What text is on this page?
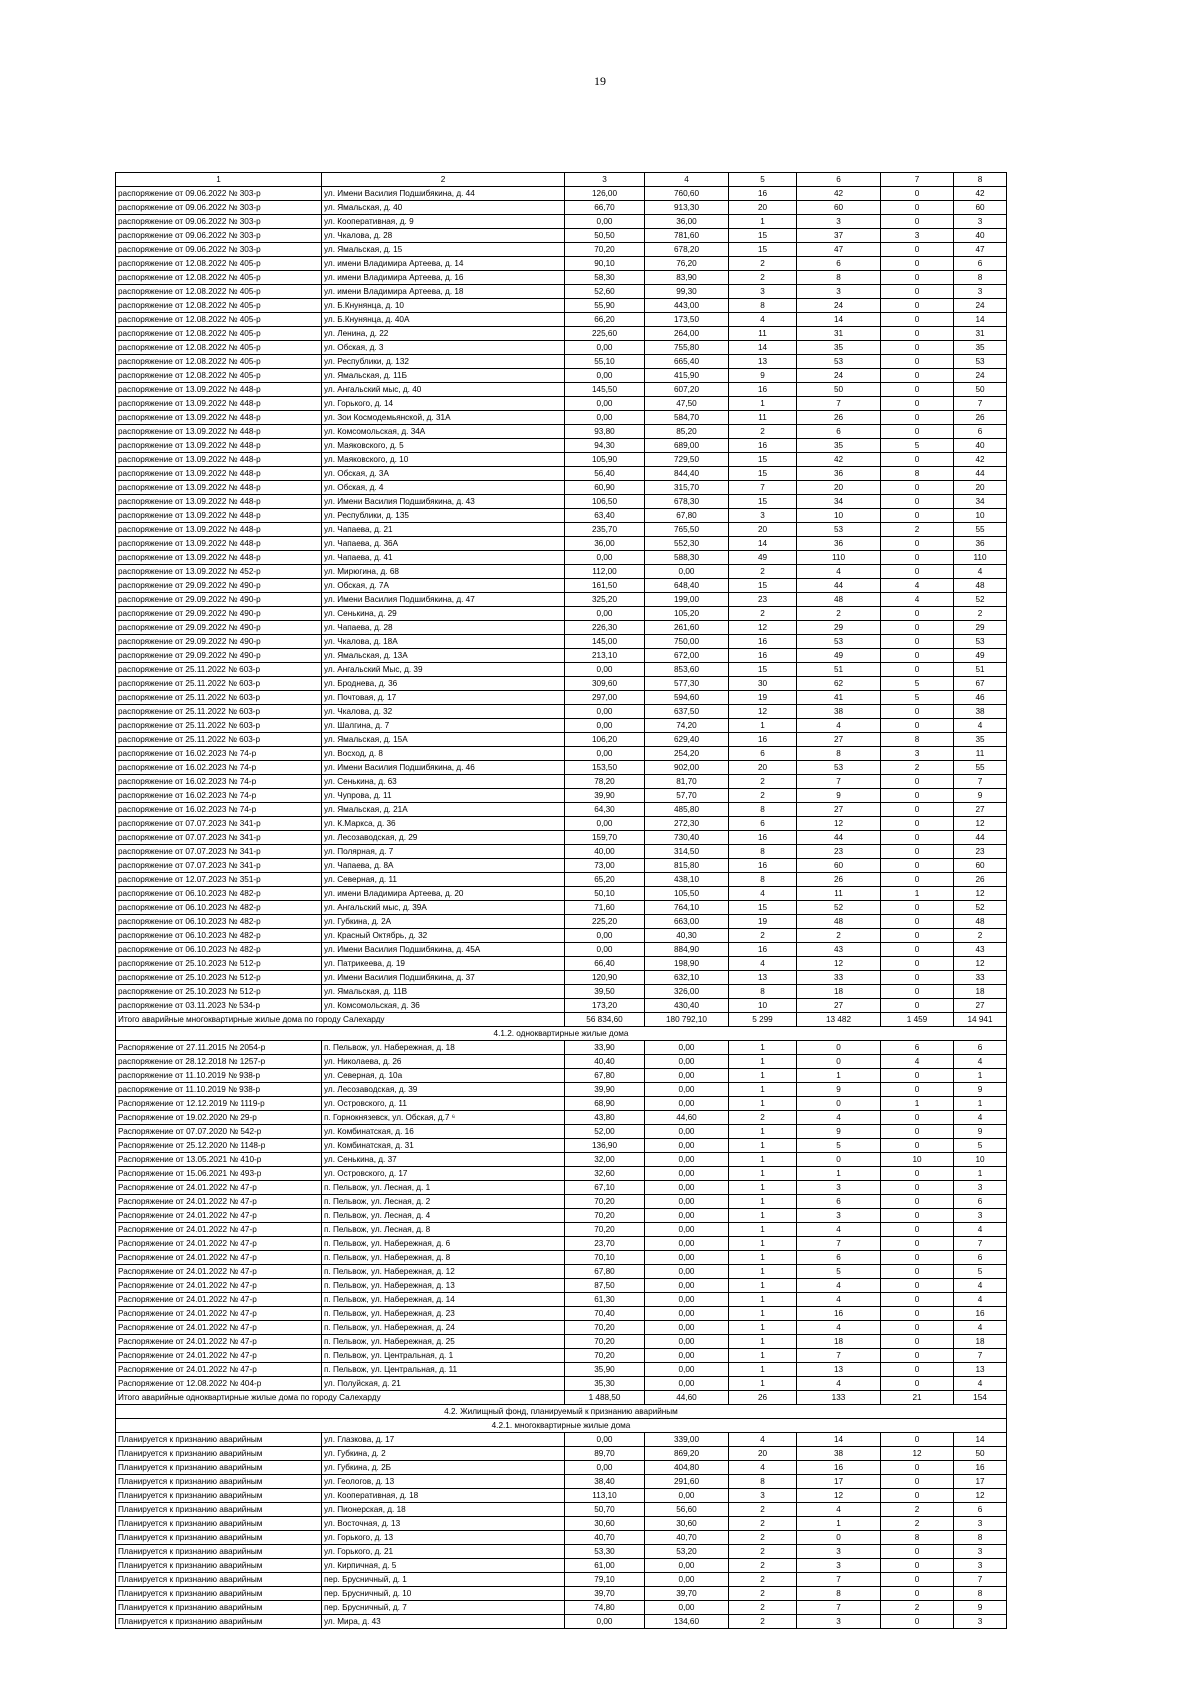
19
1	2	3	4	5	6	7	8
распоряжение от 09.06.2022 № 303-р	ул. Имени Василия Подшибякина, д. 44	126,00	760,60	16	42	0	42
распоряжение от 09.06.2022 № 303-р	ул. Ямальская, д. 40	66,70	913,30	20	60	0	60
распоряжение от 09.06.2022 № 303-р	ул. Кооперативная, д. 9	0,00	36,00	1	3	0	3
распоряжение от 09.06.2022 № 303-р	ул. Чкалова, д. 28	50,50	781,60	15	37	3	40
распоряжение от 09.06.2022 № 303-р	ул. Ямальская, д. 15	70,20	678,20	15	47	0	47
распоряжение от 12.08.2022 № 405-р	ул. имени Владимира Артеева, д. 14	90,10	76,20	2	6	0	6
распоряжение от 12.08.2022 № 405-р	ул. имени Владимира Артеева, д. 16	58,30	83,90	2	8	0	8
распоряжение от 12.08.2022 № 405-р	ул. имени Владимира Артеева, д. 18	52,60	99,30	3	3	0	3
распоряжение от 12.08.2022 № 405-р	ул. Б.Кнунянца, д. 10	55,90	443,00	8	24	0	24
распоряжение от 12.08.2022 № 405-р	ул. Б.Кнунянца, д. 40А	66,20	173,50	4	14	0	14
распоряжение от 12.08.2022 № 405-р	ул. Ленина, д. 22	225,60	264,00	11	31	0	31
распоряжение от 12.08.2022 № 405-р	ул. Обская, д. 3	0,00	755,80	14	35	0	35
распоряжение от 12.08.2022 № 405-р	ул. Республики, д. 132	55,10	665,40	13	53	0	53
распоряжение от 12.08.2022 № 405-р	ул. Ямальская, д. 11Б	0,00	415,90	9	24	0	24
распоряжение от 13.09.2022 № 448-р	ул. Ангальский мыс, д. 40	145,50	607,20	16	50	0	50
распоряжение от 13.09.2022 № 448-р	ул. Горького, д. 14	0,00	47,50	1	7	0	7
распоряжение от 13.09.2022 № 448-р	ул. Зои Космодемьянской, д. 31А	0,00	584,70	11	26	0	26
распоряжение от 13.09.2022 № 448-р	ул. Комсомольская, д. 34А	93,80	85,20	2	6	0	6
распоряжение от 13.09.2022 № 448-р	ул. Маяковского, д. 5	94,30	689,00	16	35	5	40
распоряжение от 13.09.2022 № 448-р	ул. Маяковского, д. 10	105,90	729,50	15	42	0	42
распоряжение от 13.09.2022 № 448-р	ул. Обская, д. 3А	56,40	844,40	15	36	8	44
распоряжение от 13.09.2022 № 448-р	ул. Обская, д. 4	60,90	315,70	7	20	0	20
распоряжение от 13.09.2022 № 448-р	ул. Имени Василия Подшибякина, д. 43	106,50	678,30	15	34	0	34
распоряжение от 13.09.2022 № 448-р	ул. Республики, д. 135	63,40	67,80	3	10	0	10
распоряжение от 13.09.2022 № 448-р	ул. Чапаева, д. 21	235,70	765,50	20	53	2	55
распоряжение от 13.09.2022 № 448-р	ул. Чапаева, д. 36А	36,00	552,30	14	36	0	36
распоряжение от 13.09.2022 № 448-р	ул. Чапаева, д. 41	0,00	588,30	49	110	0	110
распоряжение от 13.09.2022 № 452-р	ул. Мирюгина, д. 68	112,00	0,00	2	4	0	4
распоряжение от 29.09.2022 № 490-р	ул. Обская, д. 7А	161,50	648,40	15	44	4	48
распоряжение от 29.09.2022 № 490-р	ул. Имени Василия Подшибякина, д. 47	325,20	199,00	23	48	4	52
распоряжение от 29.09.2022 № 490-р	ул. Сенькина, д. 29	0,00	105,20	2	2	0	2
распоряжение от 29.09.2022 № 490-р	ул. Чапаева, д. 28	226,30	261,60	12	29	0	29
распоряжение от 29.09.2022 № 490-р	ул. Чкалова, д. 18А	145,00	750,00	16	53	0	53
распоряжение от 29.09.2022 № 490-р	ул. Ямальская, д. 13А	213,10	672,00	16	49	0	49
распоряжение от 25.11.2022 № 603-р	ул. Ангальский Мыс, д. 39	0,00	853,60	15	51	0	51
распоряжение от 25.11.2022 № 603-р	ул. Броднева, д. 36	309,60	577,30	30	62	5	67
распоряжение от 25.11.2022 № 603-р	ул. Почтовая, д. 17	297,00	594,60	19	41	5	46
распоряжение от 25.11.2022 № 603-р	ул. Чкалова, д. 32	0,00	637,50	12	38	0	38
распоряжение от 25.11.2022 № 603-р	ул. Шалгина, д. 7	0,00	74,20	1	4	0	4
распоряжение от 25.11.2022 № 603-р	ул. Ямальская, д. 15А	106,20	629,40	16	27	8	35
распоряжение от 16.02.2023 № 74-р	ул. Восход, д. 8	0,00	254,20	6	8	3	11
распоряжение от 16.02.2023 № 74-р	ул. Имени Василия Подшибякина, д. 46	153,50	902,00	20	53	2	55
распоряжение от 16.02.2023 № 74-р	ул. Сенькина, д. 63	78,20	81,70	2	7	0	7
распоряжение от 16.02.2023 № 74-р	ул. Чупрова, д. 11	39,90	57,70	2	9	0	9
распоряжение от 16.02.2023 № 74-р	ул. Ямальская, д. 21А	64,30	485,80	8	27	0	27
распоряжение от 07.07.2023 № 341-р	ул. К.Маркса, д. 36	0,00	272,30	6	12	0	12
распоряжение от 07.07.2023 № 341-р	ул. Лесозаводская, д. 29	159,70	730,40	16	44	0	44
распоряжение от 07.07.2023 № 341-р	ул. Полярная, д. 7	40,00	314,50	8	23	0	23
распоряжение от 07.07.2023 № 341-р	ул. Чапаева, д. 8А	73,00	815,80	16	60	0	60
распоряжение от 12.07.2023 № 351-р	ул. Северная, д. 11	65,20	438,10	8	26	0	26
распоряжение от 06.10.2023 № 482-р	ул. имени Владимира Артеева, д. 20	50,10	105,50	4	11	1	12
распоряжение от 06.10.2023 № 482-р	ул. Ангальский мыс, д. 39А	71,60	764,10	15	52	0	52
распоряжение от 06.10.2023 № 482-р	ул. Губкина, д. 2А	225,20	663,00	19	48	0	48
распоряжение от 06.10.2023 № 482-р	ул. Красный Октябрь, д. 32	0,00	40,30	2	2	0	2
распоряжение от 06.10.2023 № 482-р	ул. Имени Василия Подшибякина, д. 45А	0,00	884,90	16	43	0	43
распоряжение от 25.10.2023 № 512-р	ул. Патрикеева, д. 19	66,40	198,90	4	12	0	12
распоряжение от 25.10.2023 № 512-р	ул. Имени Василия Подшибякина, д. 37	120,90	632,10	13	33	0	33
распоряжение от 25.10.2023 № 512-р	ул. Ямальская, д. 11В	39,50	326,00	8	18	0	18
распоряжение от 03.11.2023 № 534-р	ул. Комсомольская, д. 36	173,20	430,40	10	27	0	27
Итого аварийные многоквартирные жилые дома по городу Салехарду		56 834,60	180 792,10	5 299	13 482	1 459	14 941
4.1.2. одноквартирные жилые дома							
Распоряжение от 27.11.2015 № 2054-р	п. Пельвож, ул. Набережная, д. 18	33,90	0,00	1	0	6	6
распоряжение от 28.12.2018 № 1257-р	ул. Николаева, д. 26	40,40	0,00	1	0	4	4
распоряжение от 11.10.2019 № 938-р	ул. Северная, д. 10а	67,80	0,00	1	1	0	1
распоряжение от 11.10.2019 № 938-р	ул. Лесозаводская, д. 39	39,90	0,00	1	9	0	9
Распоряжение от 12.12.2019 № 1119-р	ул. Островского, д. 11	68,90	0,00	1	0	1	1
Распоряжение от 19.02.2020 № 29-р	п. Горнокнязевск, ул. Обская, д.7 ⁶	43,80	44,60	2	4	0	4
Распоряжение от 07.07.2020 № 542-р	ул. Комбинатская, д. 16	52,00	0,00	1	9	0	9
Распоряжение от 25.12.2020 № 1148-р	ул. Комбинатская, д. 31	136,90	0,00	1	5	0	5
Распоряжение от 13.05.2021 № 410-р	ул. Сенькина, д. 37	32,00	0,00	1	0	10	10
Распоряжение от 15.06.2021 № 493-р	ул. Островского, д. 17	32,60	0,00	1	1	0	1
Распоряжение от 24.01.2022 № 47-р	п. Пельвож, ул. Лесная, д. 1	67,10	0,00	1	3	0	3
Распоряжение от 24.01.2022 № 47-р	п. Пельвож, ул. Лесная, д. 2	70,20	0,00	1	6	0	6
Распоряжение от 24.01.2022 № 47-р	п. Пельвож, ул. Лесная, д. 4	70,20	0,00	1	3	0	3
Распоряжение от 24.01.2022 № 47-р	п. Пельвож, ул. Лесная, д. 8	70,20	0,00	1	4	0	4
Распоряжение от 24.01.2022 № 47-р	п. Пельвож, ул. Набережная, д. 6	23,70	0,00	1	7	0	7
Распоряжение от 24.01.2022 № 47-р	п. Пельвож, ул. Набережная, д. 8	70,10	0,00	1	6	0	6
Распоряжение от 24.01.2022 № 47-р	п. Пельвож, ул. Набережная, д. 12	67,80	0,00	1	5	0	5
Распоряжение от 24.01.2022 № 47-р	п. Пельвож, ул. Набережная, д. 13	87,50	0,00	1	4	0	4
Распоряжение от 24.01.2022 № 47-р	п. Пельвож, ул. Набережная, д. 14	61,30	0,00	1	4	0	4
Распоряжение от 24.01.2022 № 47-р	п. Пельвож, ул. Набережная, д. 23	70,40	0,00	1	16	0	16
Распоряжение от 24.01.2022 № 47-р	п. Пельвож, ул. Набережная, д. 24	70,20	0,00	1	4	0	4
Распоряжение от 24.01.2022 № 47-р	п. Пельвож, ул. Набережная, д. 25	70,20	0,00	1	18	0	18
Распоряжение от 24.01.2022 № 47-р	п. Пельвож, ул. Центральная, д. 1	70,20	0,00	1	7	0	7
Распоряжение от 24.01.2022 № 47-р	п. Пельвож, ул. Центральная, д. 11	35,90	0,00	1	13	0	13
Распоряжение от 12.08.2022 № 404-р	ул. Полуйская, д. 21	35,30	0,00	1	4	0	4
Итого аварийные одноквартирные жилые дома по городу Салехарду		1 488,50	44,60	26	133	21	154
4.2. Жилищный фонд, планируемый к признанию аварийным							
4.2.1. многоквартирные жилые дома							
Планируется к признанию аварийным	ул. Глазкова, д. 17	0,00	339,00	4	14	0	14
Планируется к признанию аварийным	ул. Губкина, д. 2	89,70	869,20	20	38	12	50
Планируется к признанию аварийным	ул. Губкина, д. 2Б	0,00	404,80	4	16	0	16
Планируется к признанию аварийным	ул. Геологов, д. 13	38,40	291,60	8	17	0	17
Планируется к признанию аварийным	ул. Кооперативная, д. 18	113,10	0,00	3	12	0	12
Планируется к признанию аварийным	ул. Пионерская, д. 18	50,70	56,60	2	4	2	6
Планируется к признанию аварийным	ул. Восточная, д. 13	30,60	30,60	2	1	2	3
Планируется к признанию аварийным	ул. Горького, д. 13	40,70	40,70	2	0	8	8
Планируется к признанию аварийным	ул. Горького, д. 21	53,30	53,20	2	3	0	3
Планируется к признанию аварийным	ул. Кирпичная, д. 5	61,00	0,00	2	3	0	3
Планируется к признанию аварийным	пер. Брусничный, д. 1	79,10	0,00	2	7	0	7
Планируется к признанию аварийным	пер. Брусничный, д. 10	39,70	39,70	2	8	0	8
Планируется к признанию аварийным	пер. Брусничный, д. 7	74,80	0,00	2	7	2	9
Планируется к признанию аварийным	ул. Мира, д. 43	0,00	134,60	2	3	0	3
